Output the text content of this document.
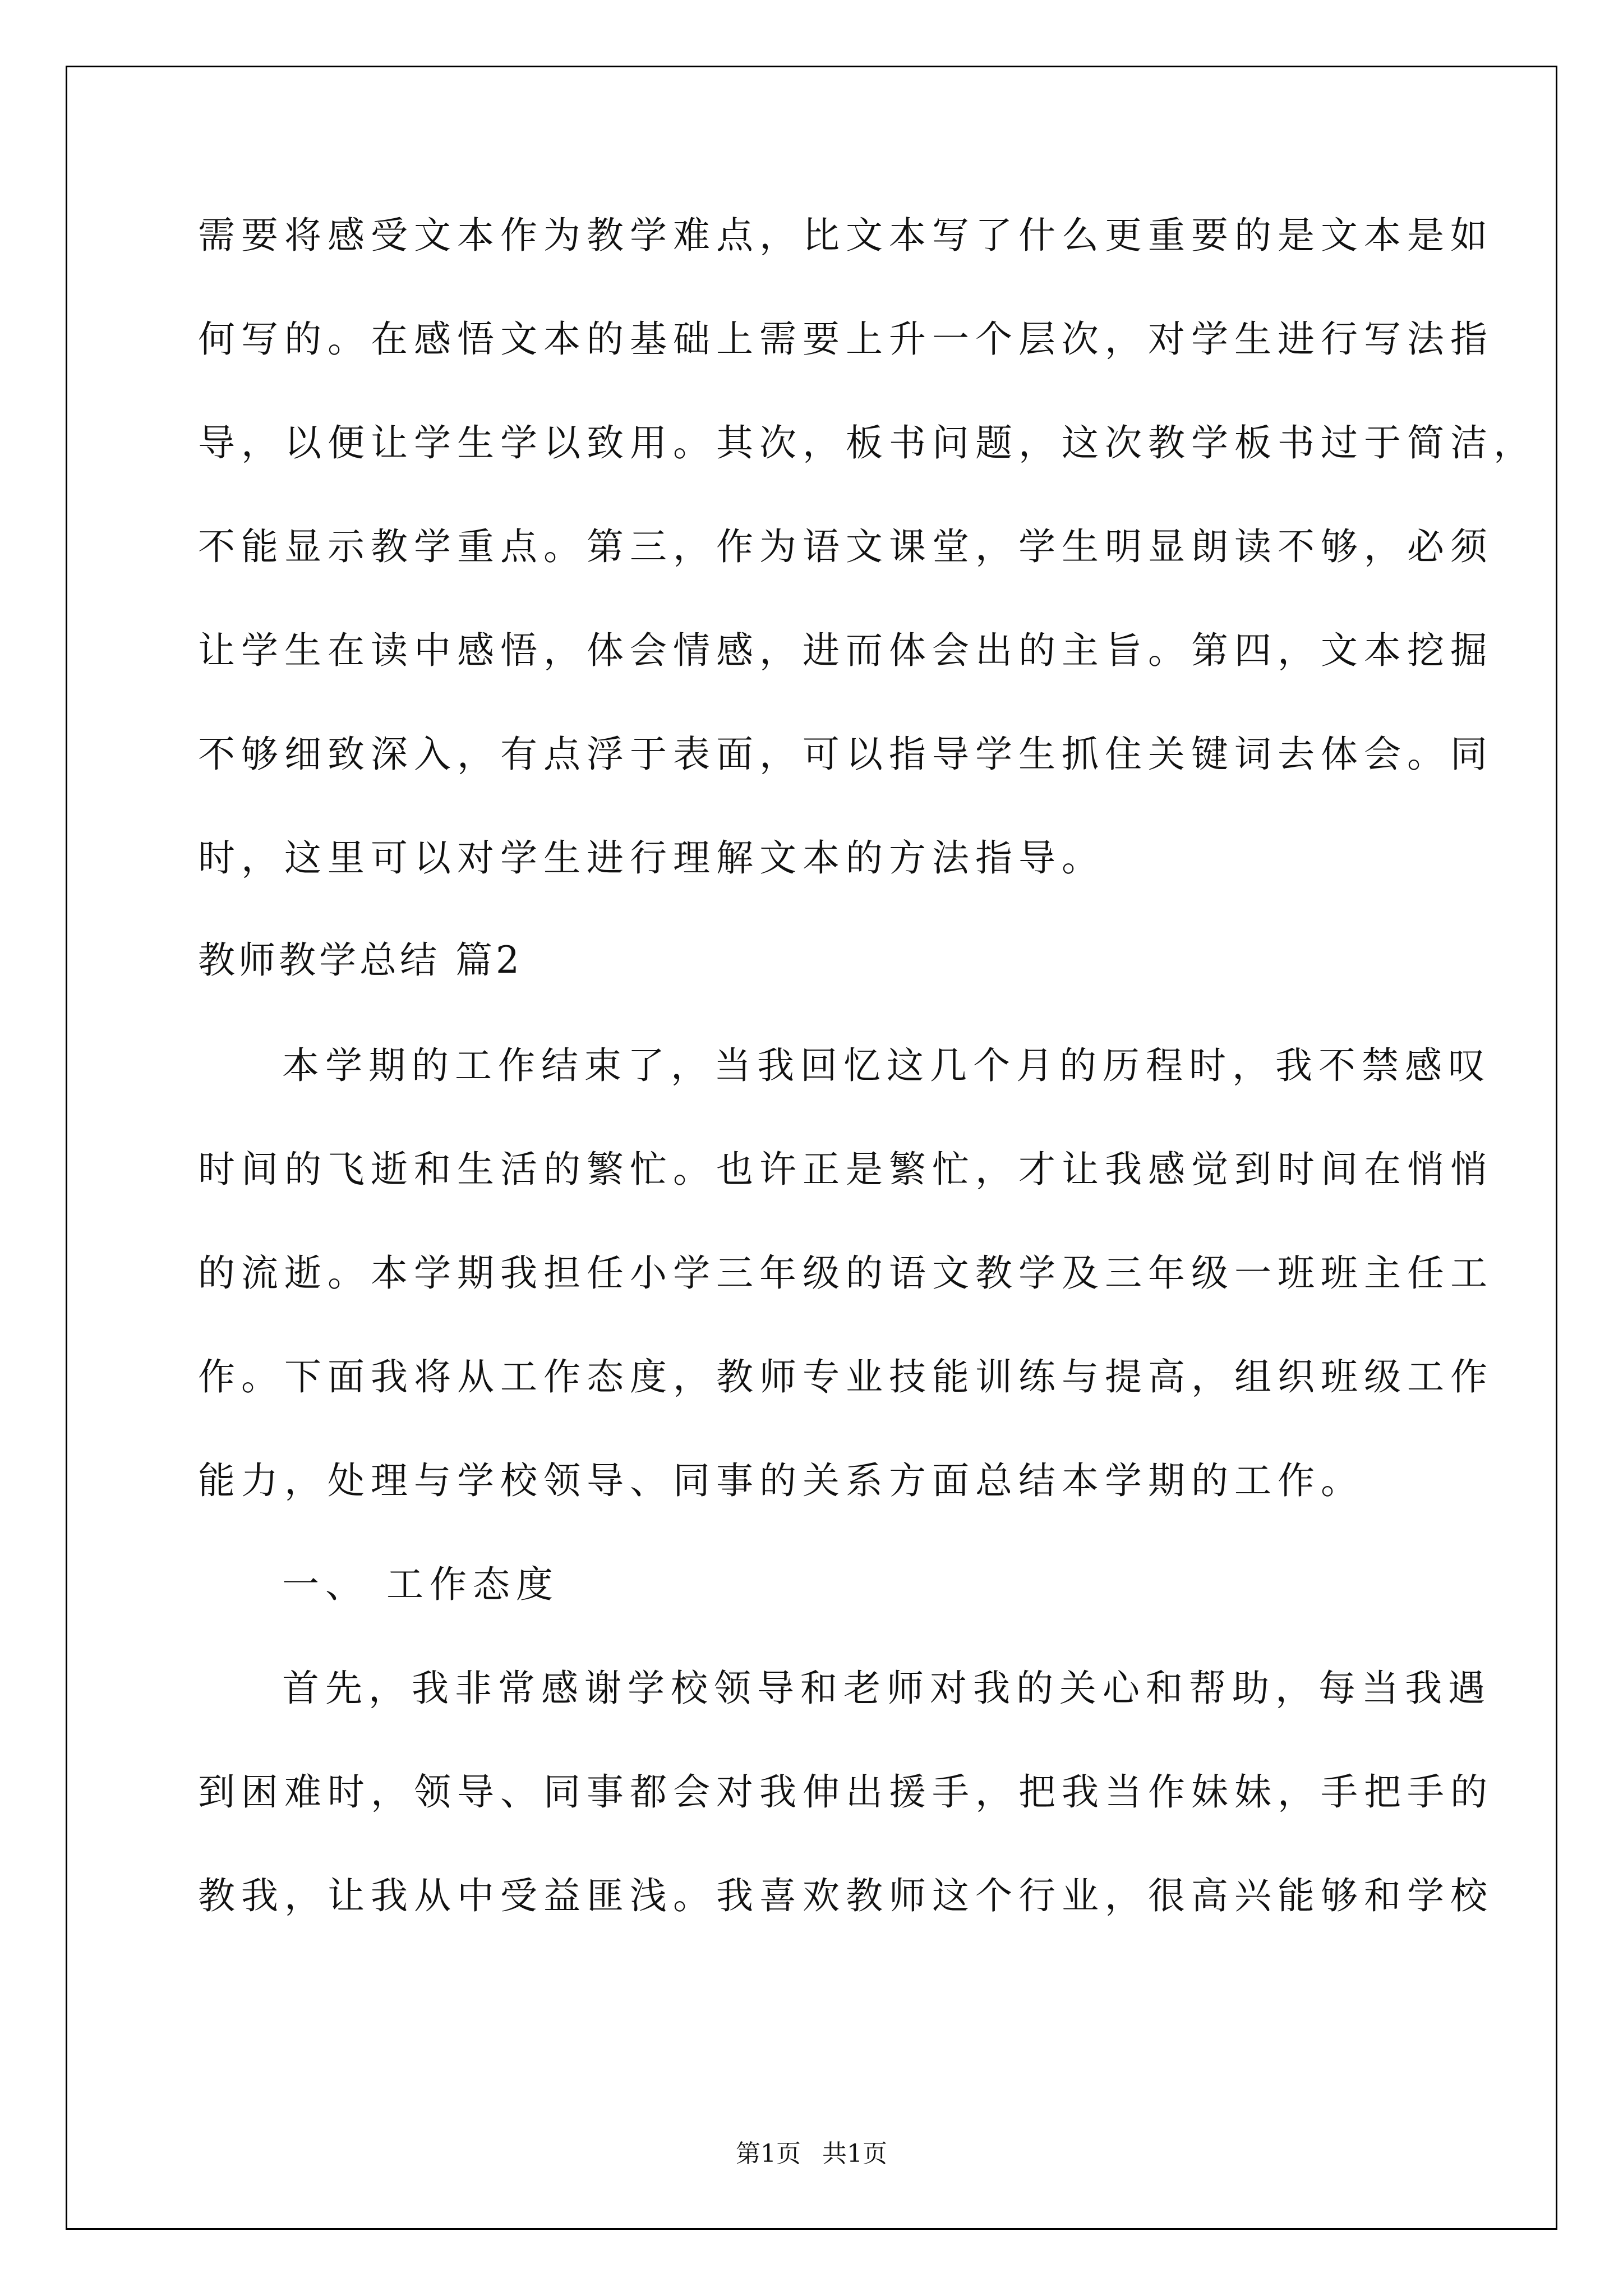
需要将感受文本作为教学难点，比文本写了什么更重要的是文本是如
何写的。在感悟文本的基础上需要上升一个层次，对学生进行写法指
导，以便让学生学以致用。其次，板书问题，这次教学板书过于简洁，
不能显示教学重点。第三，作为语文课堂，学生明显朗读不够，必须
让学生在读中感悟，体会情感，进而体会出的主旨。第四，文本挖掘
不够细致深入，有点浮于表面，可以指导学生抓住关键词去体会。同
时，这里可以对学生进行理解文本的方法指导。
教师教学总结 篇2
本学期的工作结束了，当我回忆这几个月的历程时，我不禁感叹
时间的飞逝和生活的繁忙。也许正是繁忙，才让我感觉到时间在悄悄
的流逝。本学期我担任小学三年级的语文教学及三年级一班班主任工
作。下面我将从工作态度，教师专业技能训练与提高，组织班级工作
能力，处理与学校领导、同事的关系方面总结本学期的工作。
一、 工作态度
首先，我非常感谢学校领导和老师对我的关心和帮助，每当我遇
到困难时，领导、同事都会对我伸出援手，把我当作妹妹，手把手的
教我，让我从中受益匪浅。我喜欢教师这个行业，很高兴能够和学校
第1页 共1页
